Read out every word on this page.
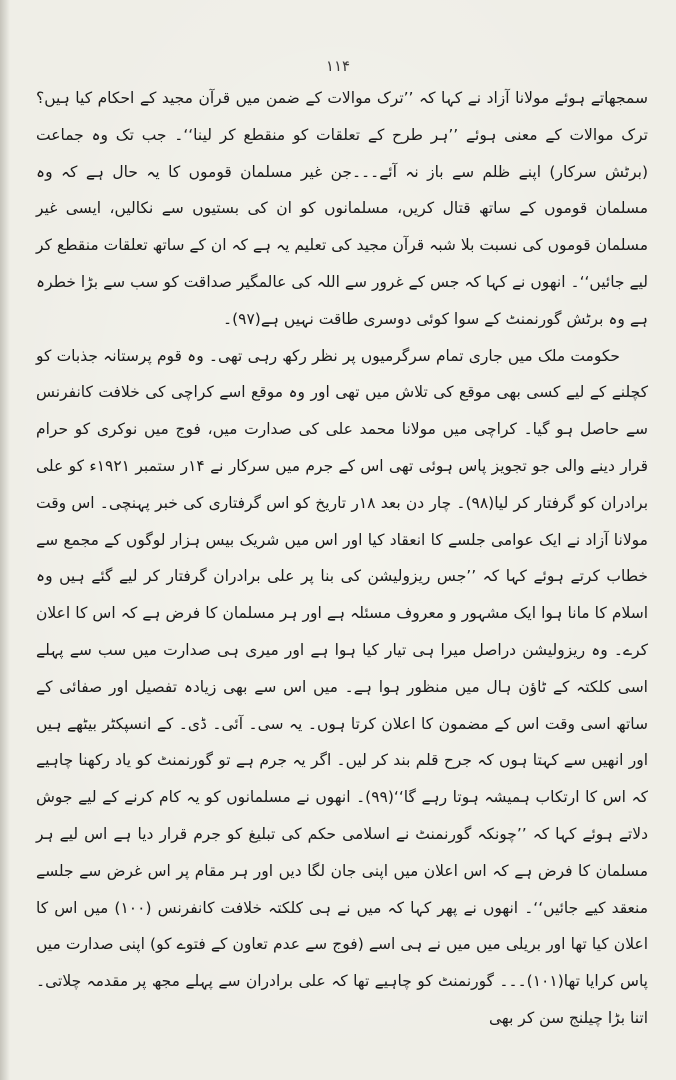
۱۱۴

سمجھاتے ہوئے مولانا آزاد نے کہا کہ ’’ترک موالات کے ضمن میں قرآن مجید کے احکام کیا ہیں؟ ترک موالات کے معنی ہوئے ’’ہر طرح کے تعلقات کو منقطع کر لینا‘‘۔ جب تک وہ جماعت (برٹش سرکار) اپنے ظلم سے باز نہ آئے۔۔۔جن غیر مسلمان قوموں کا یہ حال ہے کہ وہ مسلمان قوموں کے ساتھ قتال کریں، مسلمانوں کو ان کی بستیوں سے نکالیں، ایسی غیر مسلمان قوموں کی نسبت بلا شبہ قرآن مجید کی تعلیم یہ ہے کہ ان کے ساتھ تعلقات منقطع کر لیے جائیں‘‘۔ انھوں نے کہا کہ جس کے غرور سے اللہ کی عالمگیر صداقت کو سب سے بڑا خطرہ ہے وہ برٹش گورنمنٹ کے سوا کوئی دوسری طاقت نہیں ہے(۹۷)۔

حکومت ملک میں جاری تمام سرگرمیوں پر نظر رکھ رہی تھی۔ وہ قوم پرستانہ جذبات کو کچلنے کے لیے کسی بھی موقع کی تلاش میں تھی اور وہ موقع اسے کراچی کی خلافت کانفرنس سے حاصل ہو گیا۔ کراچی میں مولانا محمد علی کی صدارت میں، فوج میں نوکری کو حرام قرار دینے والی جو تجویز پاس ہوئی تھی اس کے جرم میں سرکار نے ۱۴ر ستمبر ۱۹۲۱ء کو علی برادران کو گرفتار کر لیا(۹۸)۔ چار دن بعد ۱۸ر تاریخ کو اس گرفتاری کی خبر پہنچی۔ اس وقت مولانا آزاد نے ایک عوامی جلسے کا انعقاد کیا اور اس میں شریک بیس ہزار لوگوں کے مجمع سے خطاب کرتے ہوئے کہا کہ ’’جس ریزولیشن کی بنا پر علی برادران گرفتار کر لیے گئے ہیں وہ اسلام کا مانا ہوا ایک مشہور و معروف مسئلہ ہے اور ہر مسلمان کا فرض ہے کہ اس کا اعلان کرے۔ وہ ریزولیشن دراصل میرا ہی تیار کیا ہوا ہے اور میری ہی صدارت میں سب سے پہلے اسی کلکتہ کے ٹاؤن ہال میں منظور ہوا ہے۔ میں اس سے بھی زیادہ تفصیل اور صفائی کے ساتھ اسی وقت اس کے مضمون کا اعلان کرتا ہوں۔ یہ سی۔ آئی۔ ڈی۔ کے انسپکٹر بیٹھے ہیں اور انھیں سے کہتا ہوں کہ جرح قلم بند کر لیں۔ اگر یہ جرم ہے تو گورنمنٹ کو یاد رکھنا چاہیے کہ اس کا ارتکاب ہمیشہ ہوتا رہے گا‘‘(۹۹)۔ انھوں نے مسلمانوں کو یہ کام کرنے کے لیے جوش دلاتے ہوئے کہا کہ ’’چونکہ گورنمنٹ نے اسلامی حکم کی تبلیغ کو جرم قرار دیا ہے اس لیے ہر مسلمان کا فرض ہے کہ اس اعلان میں اپنی جان لگا دیں اور ہر مقام پر اس غرض سے جلسے منعقد کیے جائیں‘‘۔ انھوں نے پھر کہا کہ میں نے ہی کلکتہ خلافت کانفرنس (۱۰۰) میں اس کا اعلان کیا تھا اور بریلی میں میں نے ہی اسے (فوج سے عدم تعاون کے فتوے کو) اپنی صدارت میں پاس کرایا تھا(۱۰۱)۔۔۔ گورنمنٹ کو چاہیے تھا کہ علی برادران سے پہلے مجھ پر مقدمہ چلاتی۔ اتنا بڑا چیلنج سن کر بھی
